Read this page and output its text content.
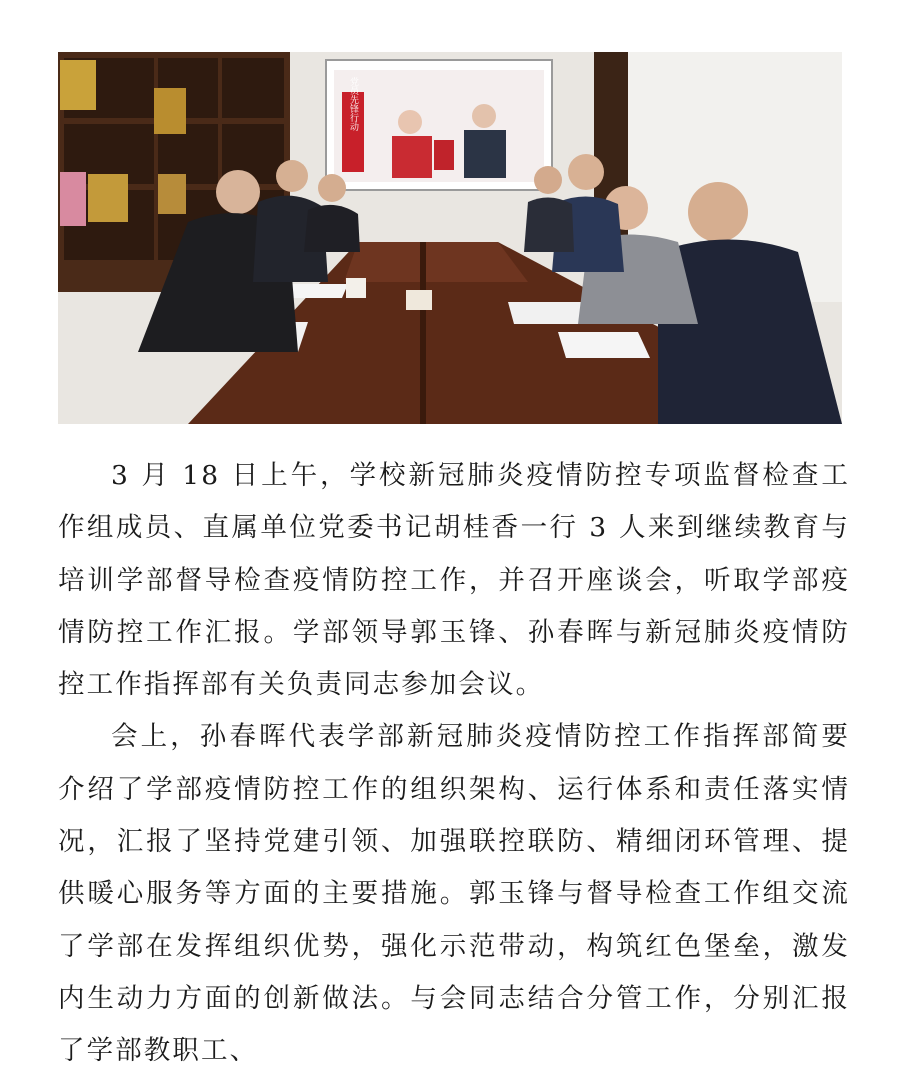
党员先锋行动

3 月 18 日上午，学校新冠肺炎疫情防控专项监督检查工作组成员、直属单位党委书记胡桂香一行 3 人来到继续教育与培训学部督导检查疫情防控工作，并召开座谈会，听取学部疫情防控工作汇报。学部领导郭玉锋、孙春晖与新冠肺炎疫情防控工作指挥部有关负责同志参加会议。

会上，孙春晖代表学部新冠肺炎疫情防控工作指挥部简要介绍了学部疫情防控工作的组织架构、运行体系和责任落实情况，汇报了坚持党建引领、加强联控联防、精细闭环管理、提供暖心服务等方面的主要措施。郭玉锋与督导检查工作组交流了学部在发挥组织优势，强化示范带动，构筑红色堡垒，激发内生动力方面的创新做法。与会同志结合分管工作，分别汇报了学部教职工、
